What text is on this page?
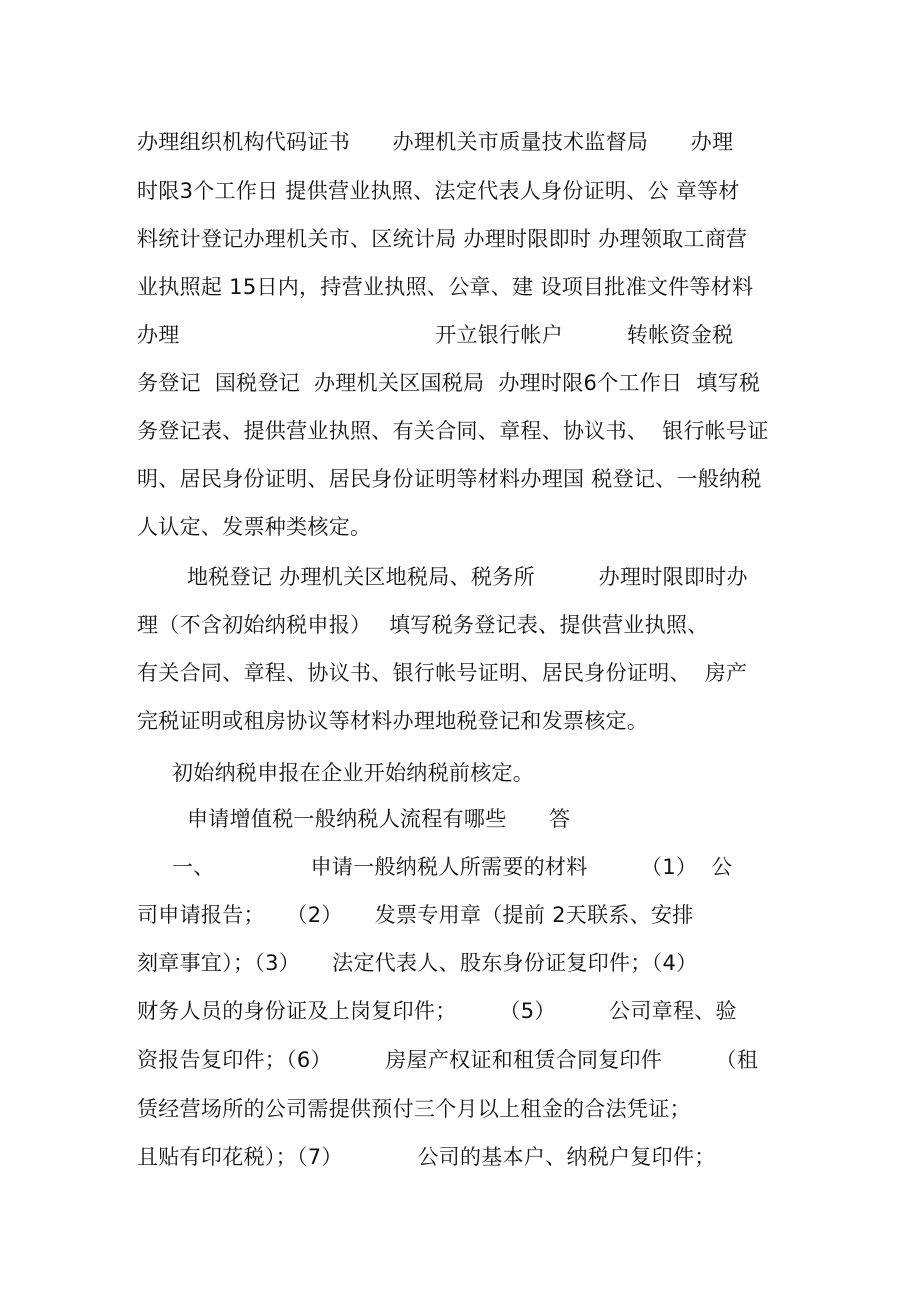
办理组织机构代码证书　　办理机关市质量技术监督局　　办理
时限3个工作日 提供营业执照、法定代表人身份证明、公 章等材
料统计登记办理机关市、区统计局 办理时限即时 办理领取工商营
业执照起 15日内，持营业执照、公章、建 设项目批准文件等材料
办理　　　　　　　　　　　　开立银行帐户　　　转帐资金税
务登记  国税登记  办理机关区国税局  办理时限6个工作日  填写税
务登记表、提供营业执照、有关合同、章程、协议书、  银行帐号证
明、居民身份证明、居民身份证明等材料办理国 税登记、一般纳税
人认定、发票种类核定。
地税登记 办理机关区地税局、税务所　　　办理时限即时办
理（不含初始纳税申报）　 填写税务登记表、提供营业执照、
有关合同、章程、协议书、银行帐号证明、居民身份证明、  房产
完税证明或租房协议等材料办理地税登记和发票核定。
初始纳税申报在企业开始纳税前核定。
申请增值税一般纳税人流程有哪些　　答
一、　　　　　申请一般纳税人所需要的材料　　　（1）  公
司申请报告；　　（2）　　发票专用章（提前 2天联系、安排
刻章事宜）；（3）　　法定代表人、股东身份证复印件；（4）
财务人员的身份证及上岗复印件；　　　（5）　　　公司章程、验
资报告复印件；（6）　　　房屋产权证和租赁合同复印件　　　（租
赁经营场所的公司需提供预付三个月以上租金的合法凭证；
且贴有印花税）；（7）　　　　公司的基本户、纳税户复印件；
